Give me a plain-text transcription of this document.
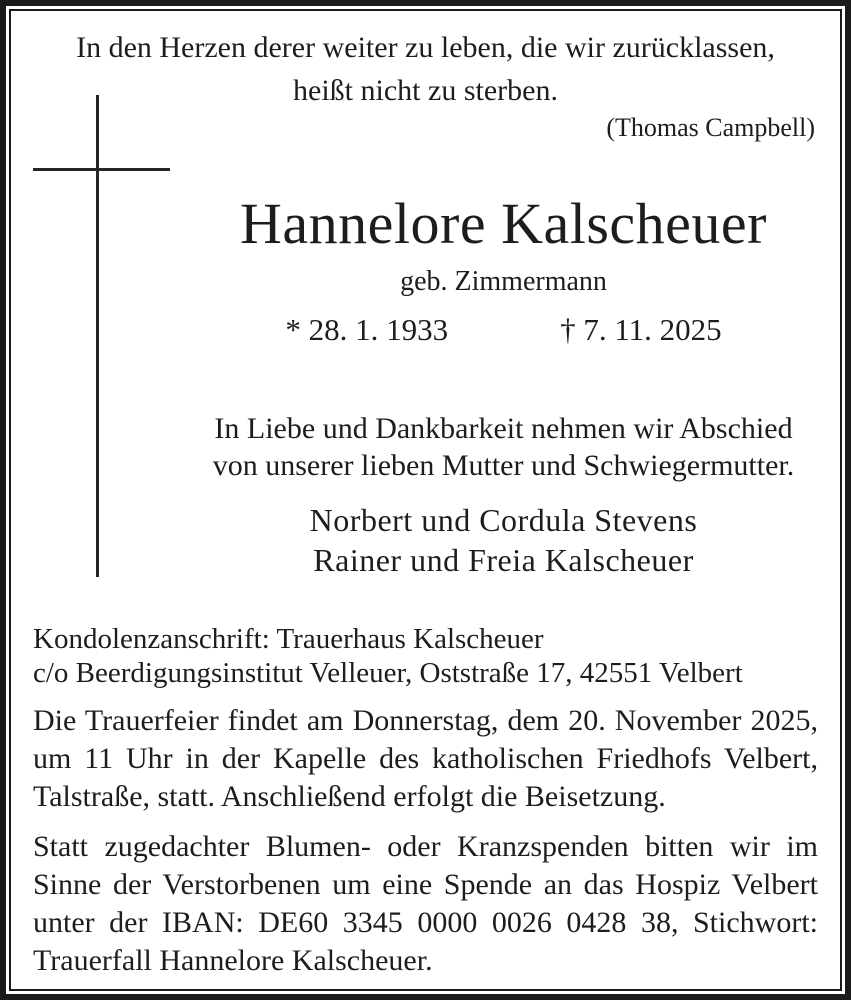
In den Herzen derer weiter zu leben, die wir zurücklassen,
heißt nicht zu sterben.
(Thomas Campbell)
Hannelore Kalscheuer
geb. Zimmermann
* 28. 1. 1933	† 7. 11. 2025
In Liebe und Dankbarkeit nehmen wir Abschied
von unserer lieben Mutter und Schwiegermutter.
Norbert und Cordula Stevens
Rainer und Freia Kalscheuer
Kondolenzanschrift: Trauerhaus Kalscheuer
c/o Beerdigungsinstitut Velleuer, Oststraße 17, 42551 Velbert
Die Trauerfeier findet am Donnerstag, dem 20. November 2025, um 11 Uhr in der Kapelle des katholischen Friedhofs Velbert, Talstraße, statt. Anschließend erfolgt die Beisetzung.
Statt zugedachter Blumen- oder Kranzspenden bitten wir im Sinne der Verstorbenen um eine Spende an das Hospiz Velbert unter der IBAN: DE60 3345 0000 0026 0428 38, Stichwort: Trauerfall Hannelore Kalscheuer.
